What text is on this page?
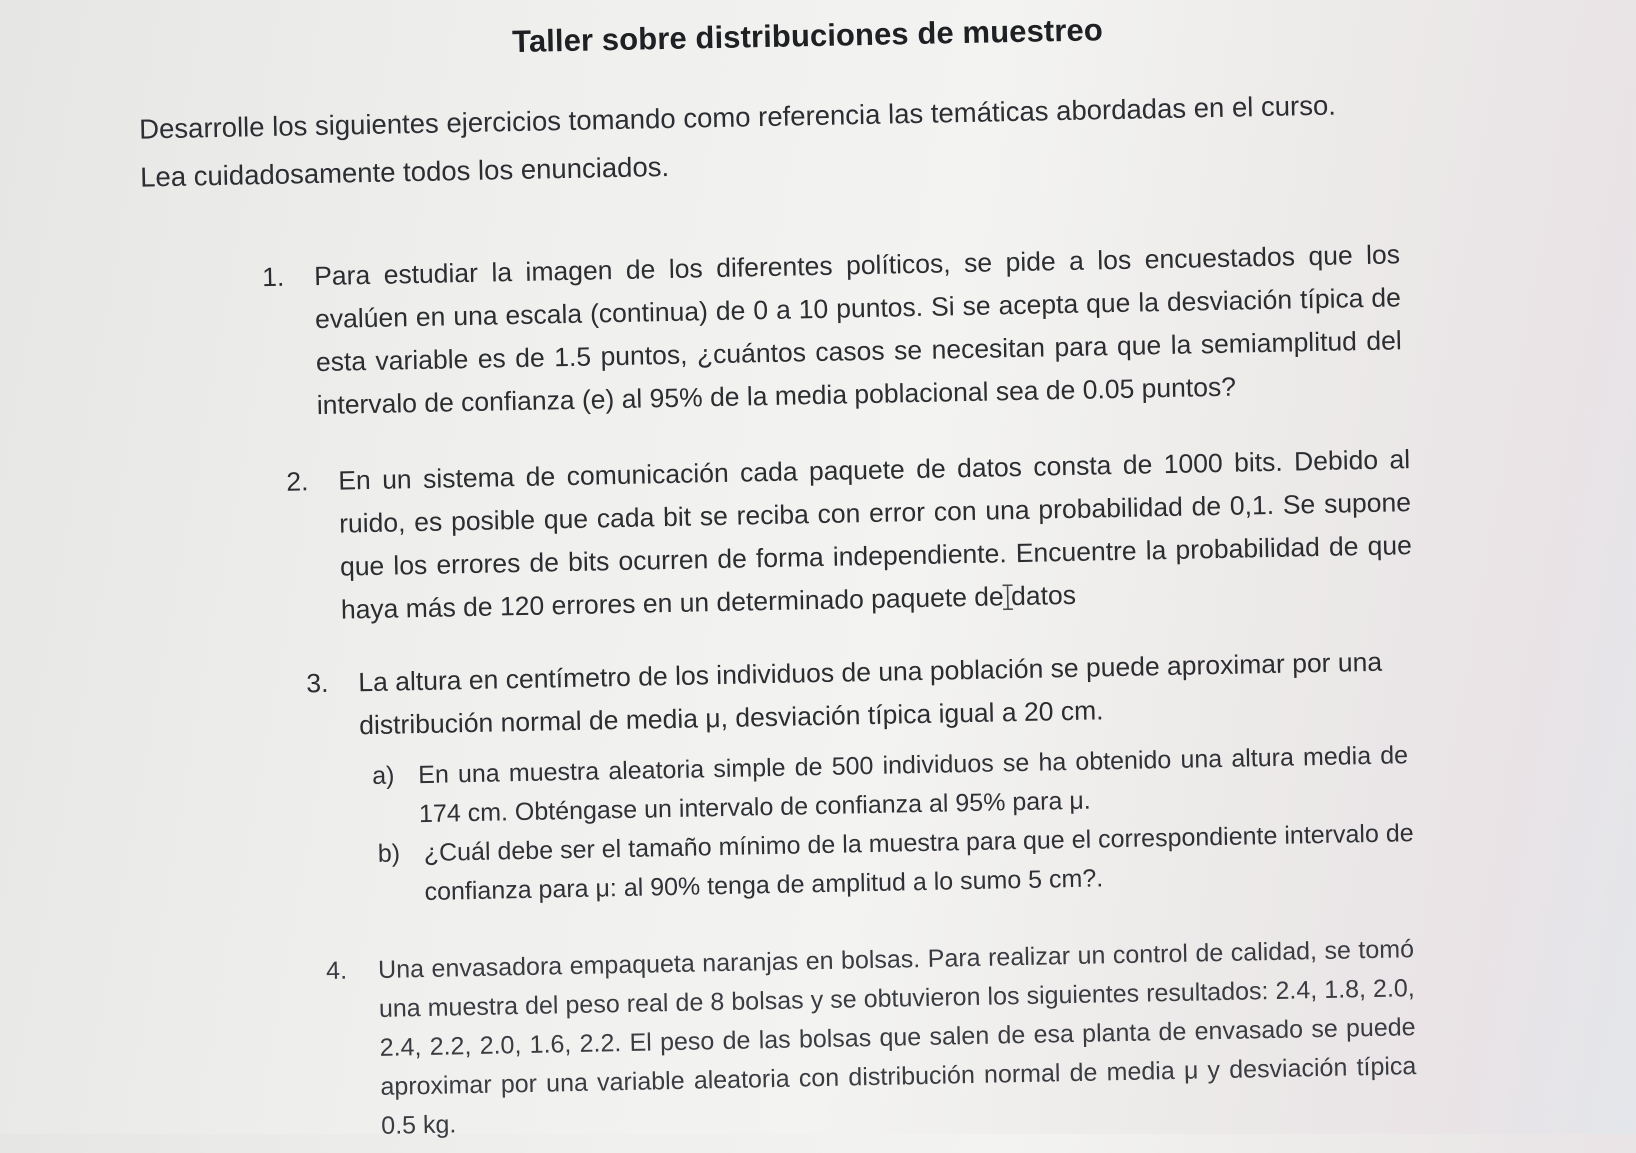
Taller sobre distribuciones de muestreo

Desarrolle los siguientes ejercicios tomando como referencia las temáticas abordadas en el curso.

Lea cuidadosamente todos los enunciados.

1. Para estudiar la imagen de los diferentes políticos, se pide a los encuestados que los evalúen en una escala (continua) de 0 a 10 puntos. Si se acepta que la desviación típica de esta variable es de 1.5 puntos, ¿cuántos casos se necesitan para que la semiamplitud del intervalo de confianza (e) al 95% de la media poblacional sea de 0.05 puntos?

2. En un sistema de comunicación cada paquete de datos consta de 1000 bits. Debido al ruido, es posible que cada bit se reciba con error con una probabilidad de 0,1. Se supone que los errores de bits ocurren de forma independiente. Encuentre la probabilidad de que haya más de 120 errores en un determinado paquete de datos

3. La altura en centímetro de los individuos de una población se puede aproximar por una distribución normal de media μ, desviación típica igual a 20 cm.

a) En una muestra aleatoria simple de 500 individuos se ha obtenido una altura media de 174 cm. Obténgase un intervalo de confianza al 95% para μ.

b) ¿Cuál debe ser el tamaño mínimo de la muestra para que el correspondiente intervalo de confianza para μ: al 90% tenga de amplitud a lo sumo 5 cm?.

4. Una envasadora empaqueta naranjas en bolsas. Para realizar un control de calidad, se tomó una muestra del peso real de 8 bolsas y se obtuvieron los siguientes resultados: 2.4, 1.8, 2.0, 2.4, 2.2, 2.0, 1.6, 2.2. El peso de las bolsas que salen de esa planta de envasado se puede aproximar por una variable aleatoria con distribución normal de media μ y desviación típica 0.5 kg.
